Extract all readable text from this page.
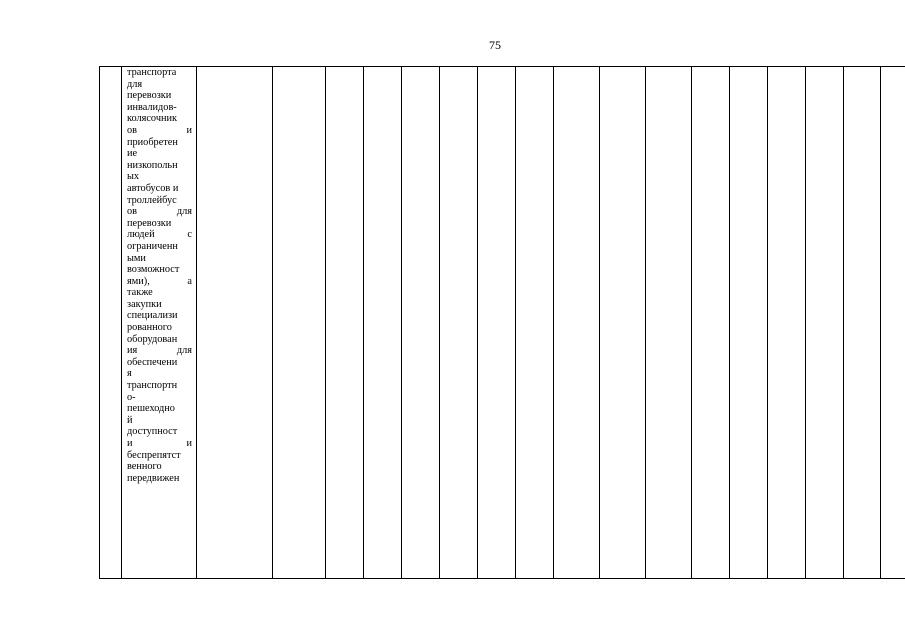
75

транспорта
для
перевозки
инвалидов-
колясочник
ов	и
приобретен
ие
низкопольн
ых
автобусов и
троллейбус
ов	для
перевозки
людей	с
ограниченн
ыми
возможност
ями),	а
также
закупки
специализи
рованного
оборудован
ия	для
обеспечени
я
транспортн
о-
пешеходно
й
доступност
и	и
беспрепятст
венного
передвижен
